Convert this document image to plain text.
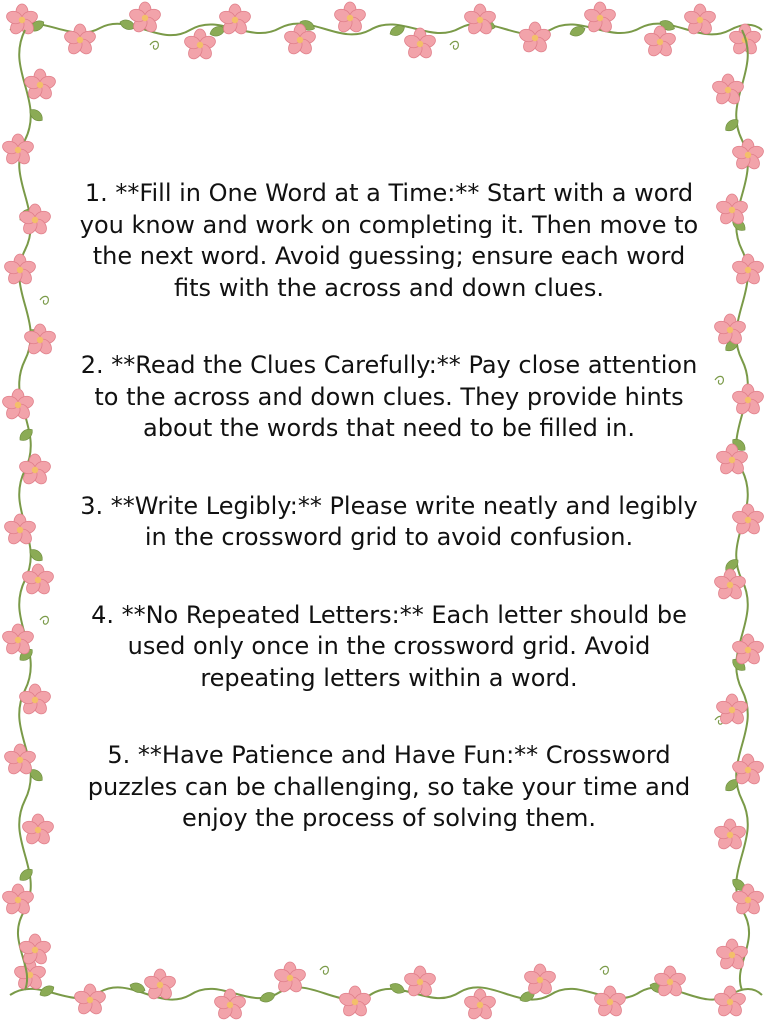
1. **Fill in One Word at a Time:** Start with a word you know and work on completing it. Then move to the next word. Avoid guessing; ensure each word fits with the across and down clues.

2. **Read the Clues Carefully:** Pay close attention to the across and down clues. They provide hints about the words that need to be filled in.

3. **Write Legibly:** Please write neatly and legibly in the crossword grid to avoid confusion.

4. **No Repeated Letters:** Each letter should be used only once in the crossword grid. Avoid repeating letters within a word.

5. **Have Patience and Have Fun:** Crossword puzzles can be challenging, so take your time and enjoy the process of solving them.
